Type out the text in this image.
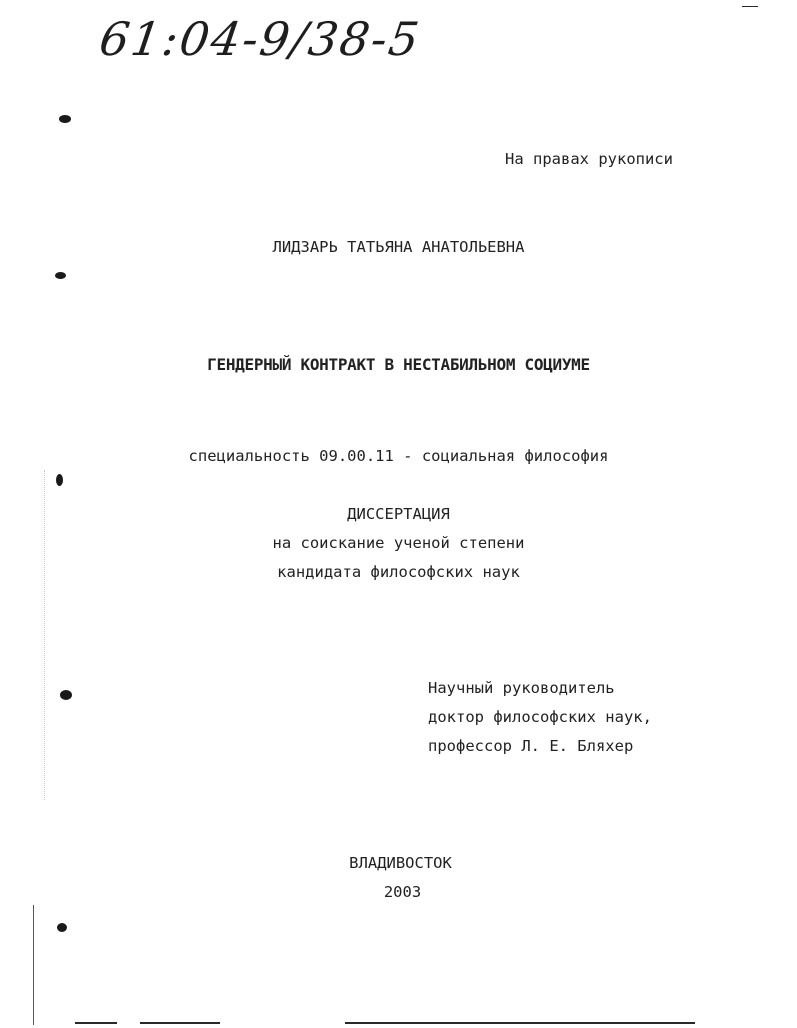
61:04-9/38-5
На правах рукописи
ЛИДЗАРЬ ТАТЬЯНА АНАТОЛЬЕВНА
ГЕНДЕРНЫЙ КОНТРАКТ В НЕСТАБИЛЬНОМ СОЦИУМЕ
специальность 09.00.11 - социальная философия
ДИССЕРТАЦИЯ
на соискание ученой степени
кандидата философских наук
Научный руководитель
доктор философских наук,
профессор Л. Е. Бляхер
ВЛАДИВОСТОК
2003
